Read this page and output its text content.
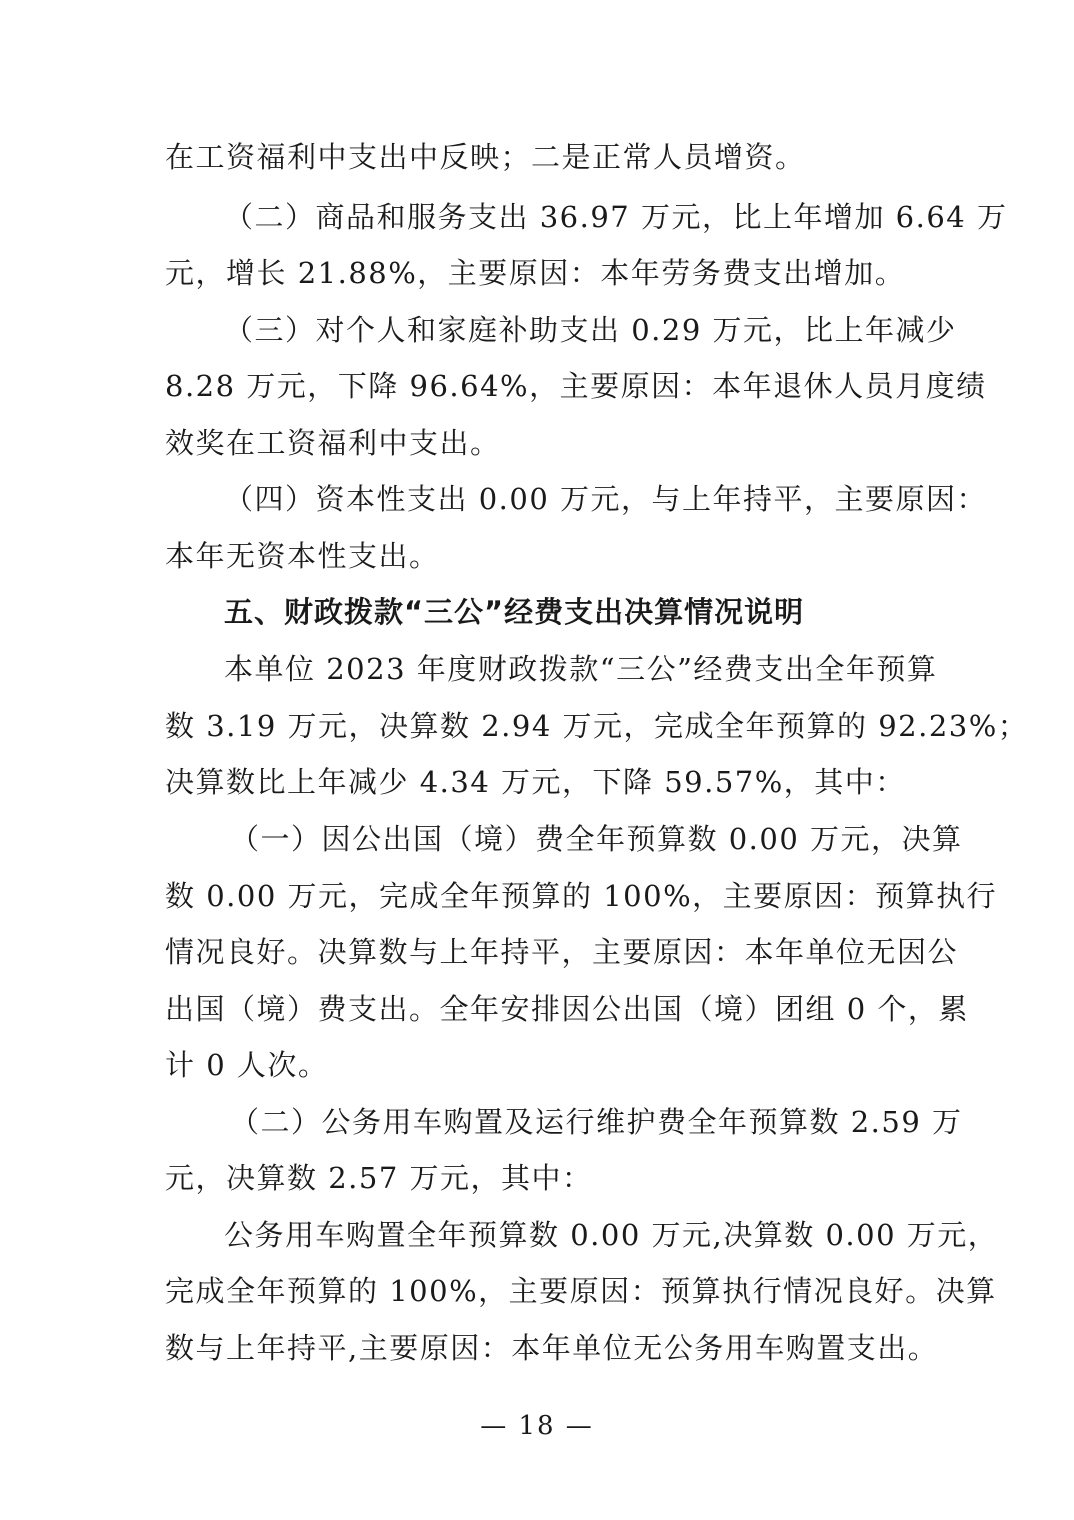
在工资福利中支出中反映；二是正常人员增资。
（二）商品和服务支出 36.97 万元，比上年增加 6.64 万
元，增长 21.88%，主要原因：本年劳务费支出增加。
（三）对个人和家庭补助支出 0.29 万元，比上年减少
8.28 万元，下降 96.64%，主要原因：本年退休人员月度绩
效奖在工资福利中支出。
（四）资本性支出 0.00 万元，与上年持平，主要原因：
本年无资本性支出。
五、财政拨款“三公”经费支出决算情况说明
本单位 2023 年度财政拨款“三公”经费支出全年预算
数 3.19 万元，决算数 2.94 万元，完成全年预算的 92.23%；
决算数比上年减少 4.34 万元，下降 59.57%，其中：
（一）因公出国（境）费全年预算数 0.00 万元，决算
数 0.00 万元，完成全年预算的 100%，主要原因：预算执行
情况良好。决算数与上年持平，主要原因：本年单位无因公
出国（境）费支出。全年安排因公出国（境）团组 0 个，累
计 0 人次。
（二）公务用车购置及运行维护费全年预算数 2.59 万
元，决算数 2.57 万元，其中：
公务用车购置全年预算数 0.00 万元,决算数 0.00 万元，
完成全年预算的 100%，主要原因：预算执行情况良好。决算
数与上年持平,主要原因：本年单位无公务用车购置支出。
— 18 —
